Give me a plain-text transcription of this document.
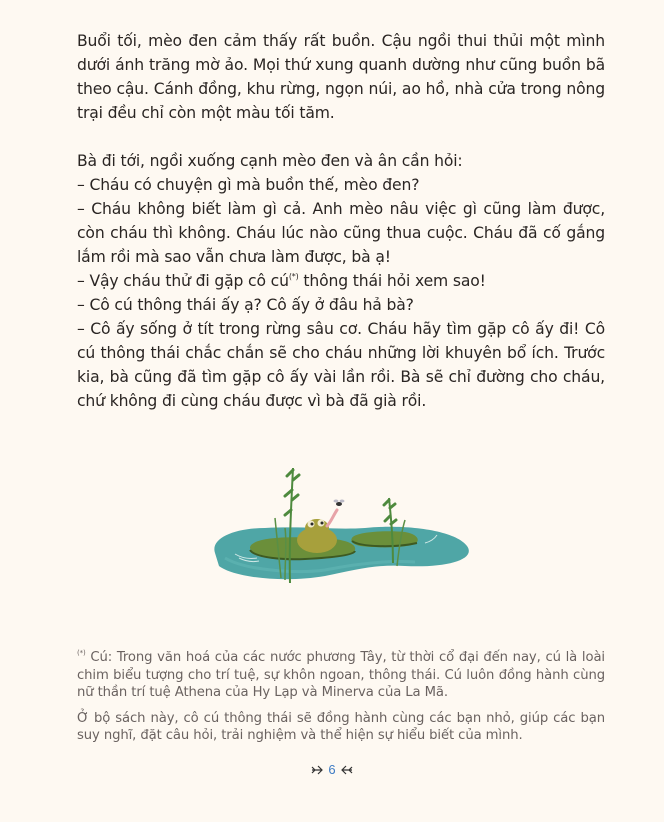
Buổi tối, mèo đen cảm thấy rất buồn. Cậu ngồi thui thủi một mình dưới ánh trăng mờ ảo. Mọi thứ xung quanh dường như cũng buồn bã theo cậu. Cánh đồng, khu rừng, ngọn núi, ao hồ, nhà cửa trong nông trại đều chỉ còn một màu tối tăm.

Bà đi tới, ngồi xuống cạnh mèo đen và ân cần hỏi:

– Cháu có chuyện gì mà buồn thế, mèo đen?

– Cháu không biết làm gì cả. Anh mèo nâu việc gì cũng làm được, còn cháu thì không. Cháu lúc nào cũng thua cuộc. Cháu đã cố gắng lắm rồi mà sao vẫn chưa làm được, bà ạ!

– Vậy cháu thử đi gặp cô cú(*) thông thái hỏi xem sao!

– Cô cú thông thái ấy ạ? Cô ấy ở đâu hả bà?

– Cô ấy sống ở tít trong rừng sâu cơ. Cháu hãy tìm gặp cô ấy đi! Cô cú thông thái chắc chắn sẽ cho cháu những lời khuyên bổ ích. Trước kia, bà cũng đã tìm gặp cô ấy vài lần rồi. Bà sẽ chỉ đường cho cháu, chứ không đi cùng cháu được vì bà đã già rồi.

(*) Cú: Trong văn hoá của các nước phương Tây, từ thời cổ đại đến nay, cú là loài chim biểu tượng cho trí tuệ, sự khôn ngoan, thông thái. Cú luôn đồng hành cùng nữ thần trí tuệ Athena của Hy Lạp và Minerva của La Mã.

Ở bộ sách này, cô cú thông thái sẽ đồng hành cùng các bạn nhỏ, giúp các bạn suy nghĩ, đặt câu hỏi, trải nghiệm và thể hiện sự hiểu biết của mình.

6
